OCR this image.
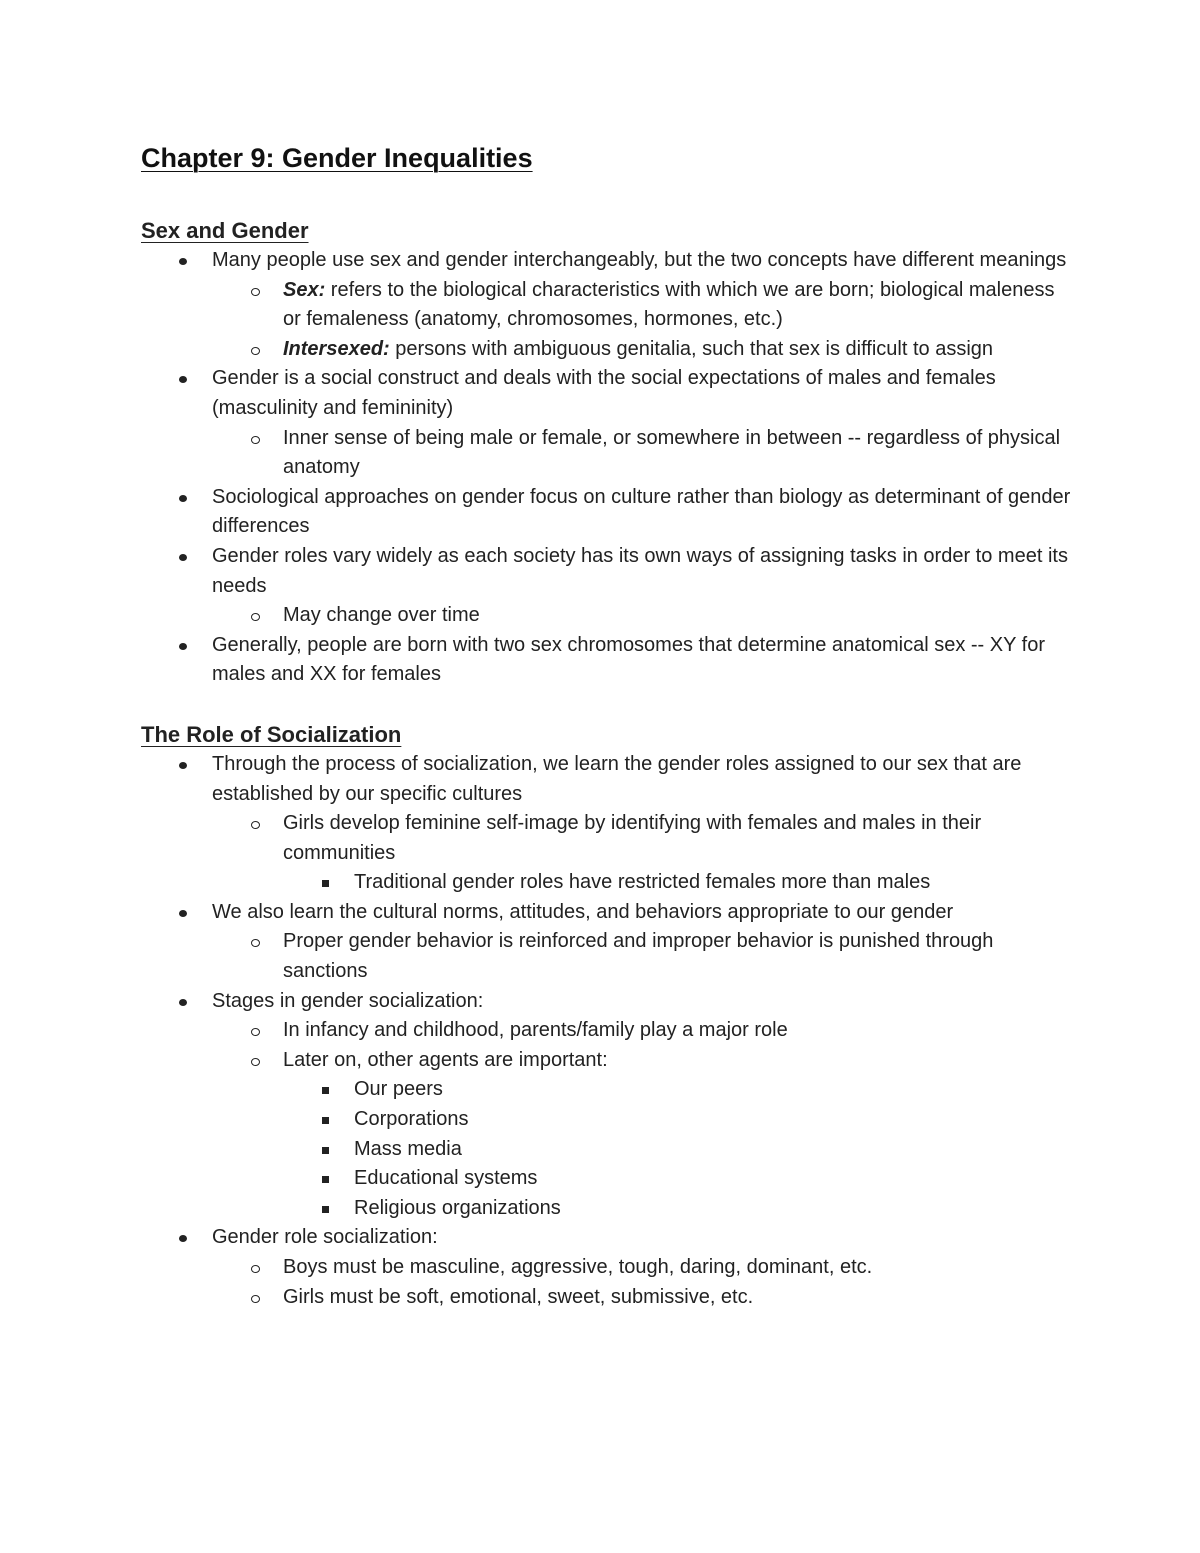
Chapter 9: Gender Inequalities
Sex and Gender
Many people use sex and gender interchangeably, but the two concepts have different meanings
Sex: refers to the biological characteristics with which we are born; biological maleness or femaleness (anatomy, chromosomes, hormones, etc.)
Intersexed: persons with ambiguous genitalia, such that sex is difficult to assign
Gender is a social construct and deals with the social expectations of males and females (masculinity and femininity)
Inner sense of being male or female, or somewhere in between -- regardless of physical anatomy
Sociological approaches on gender focus on culture rather than biology as determinant of gender differences
Gender roles vary widely as each society has its own ways of assigning tasks in order to meet its needs
May change over time
Generally, people are born with two sex chromosomes that determine anatomical sex -- XY for males and XX for females
The Role of Socialization
Through the process of socialization, we learn the gender roles assigned to our sex that are established by our specific cultures
Girls develop feminine self-image by identifying with females and males in their communities
Traditional gender roles have restricted females more than males
We also learn the cultural norms, attitudes, and behaviors appropriate to our gender
Proper gender behavior is reinforced and improper behavior is punished through sanctions
Stages in gender socialization:
In infancy and childhood, parents/family play a major role
Later on, other agents are important:
Our peers
Corporations
Mass media
Educational systems
Religious organizations
Gender role socialization:
Boys must be masculine, aggressive, tough, daring, dominant, etc.
Girls must be soft, emotional, sweet, submissive, etc.
